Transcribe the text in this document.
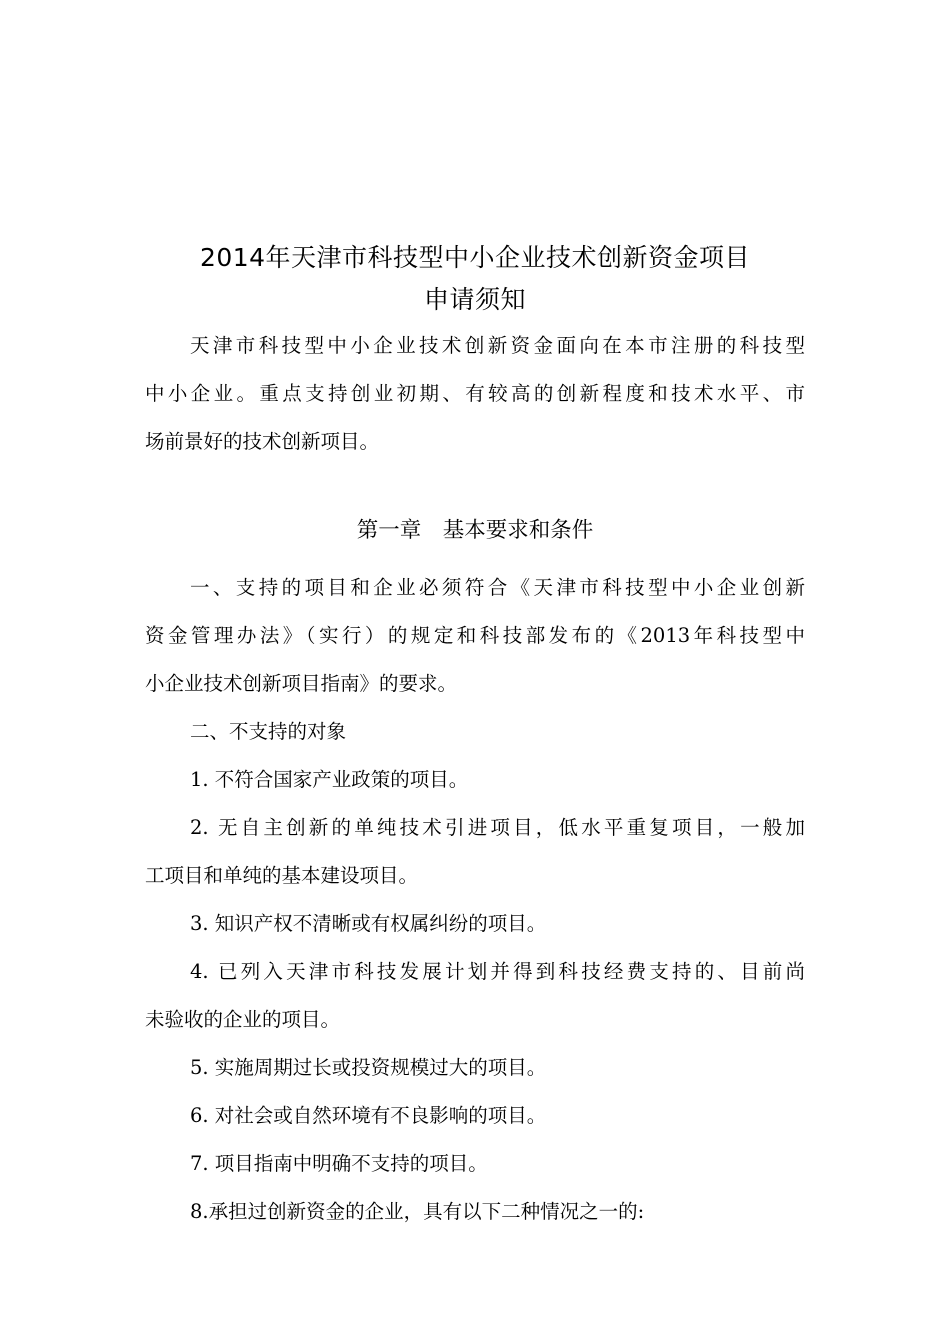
2014年天津市科技型中小企业技术创新资金项目
申请须知
天津市科技型中小企业技术创新资金面向在本市注册的科技型
中小企业。重点支持创业初期、有较高的创新程度和技术水平、市
场前景好的技术创新项目。
第一章　基本要求和条件
一、支持的项目和企业必须符合《天津市科技型中小企业创新
资金管理办法》（实行）的规定和科技部发布的《2013年科技型中
小企业技术创新项目指南》的要求。
二、不支持的对象
1. 不符合国家产业政策的项目。
2. 无自主创新的单纯技术引进项目，低水平重复项目，一般加
工项目和单纯的基本建设项目。
3. 知识产权不清晰或有权属纠纷的项目。
4. 已列入天津市科技发展计划并得到科技经费支持的、目前尚
未验收的企业的项目。
5. 实施周期过长或投资规模过大的项目。
6. 对社会或自然环境有不良影响的项目。
7. 项目指南中明确不支持的项目。
8.承担过创新资金的企业，具有以下二种情况之一的:
